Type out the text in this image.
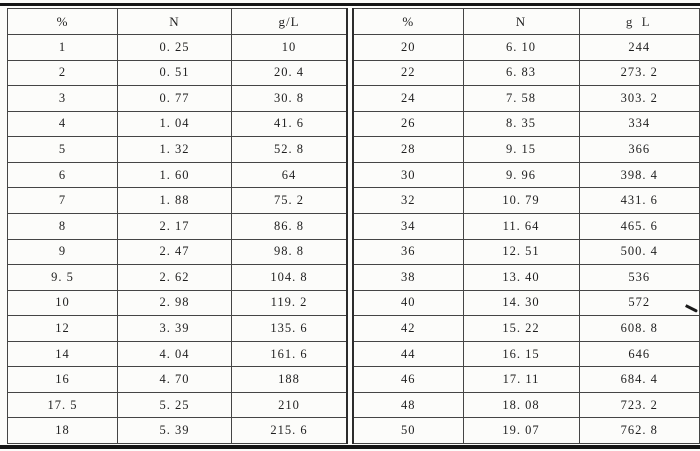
%	N	g/L
1	0. 25	10
2	0. 51	20. 4
3	0. 77	30. 8
4	1. 04	41. 6
5	1. 32	52. 8
6	1. 60	64
7	1. 88	75. 2
8	2. 17	86. 8
9	2. 47	98. 8
9. 5	2. 62	104. 8
10	2. 98	119. 2
12	3. 39	135. 6
14	4. 04	161. 6
16	4. 70	188
17. 5	5. 25	210
18	5. 39	215. 6
%	N	g L
20	6. 10	244
22	6. 83	273. 2
24	7. 58	303. 2
26	8. 35	334
28	9. 15	366
30	9. 96	398. 4
32	10. 79	431. 6
34	11. 64	465. 6
36	12. 51	500. 4
38	13. 40	536
40	14. 30	572
42	15. 22	608. 8
44	16. 15	646
46	17. 11	684. 4
48	18. 08	723. 2
50	19. 07	762. 8
